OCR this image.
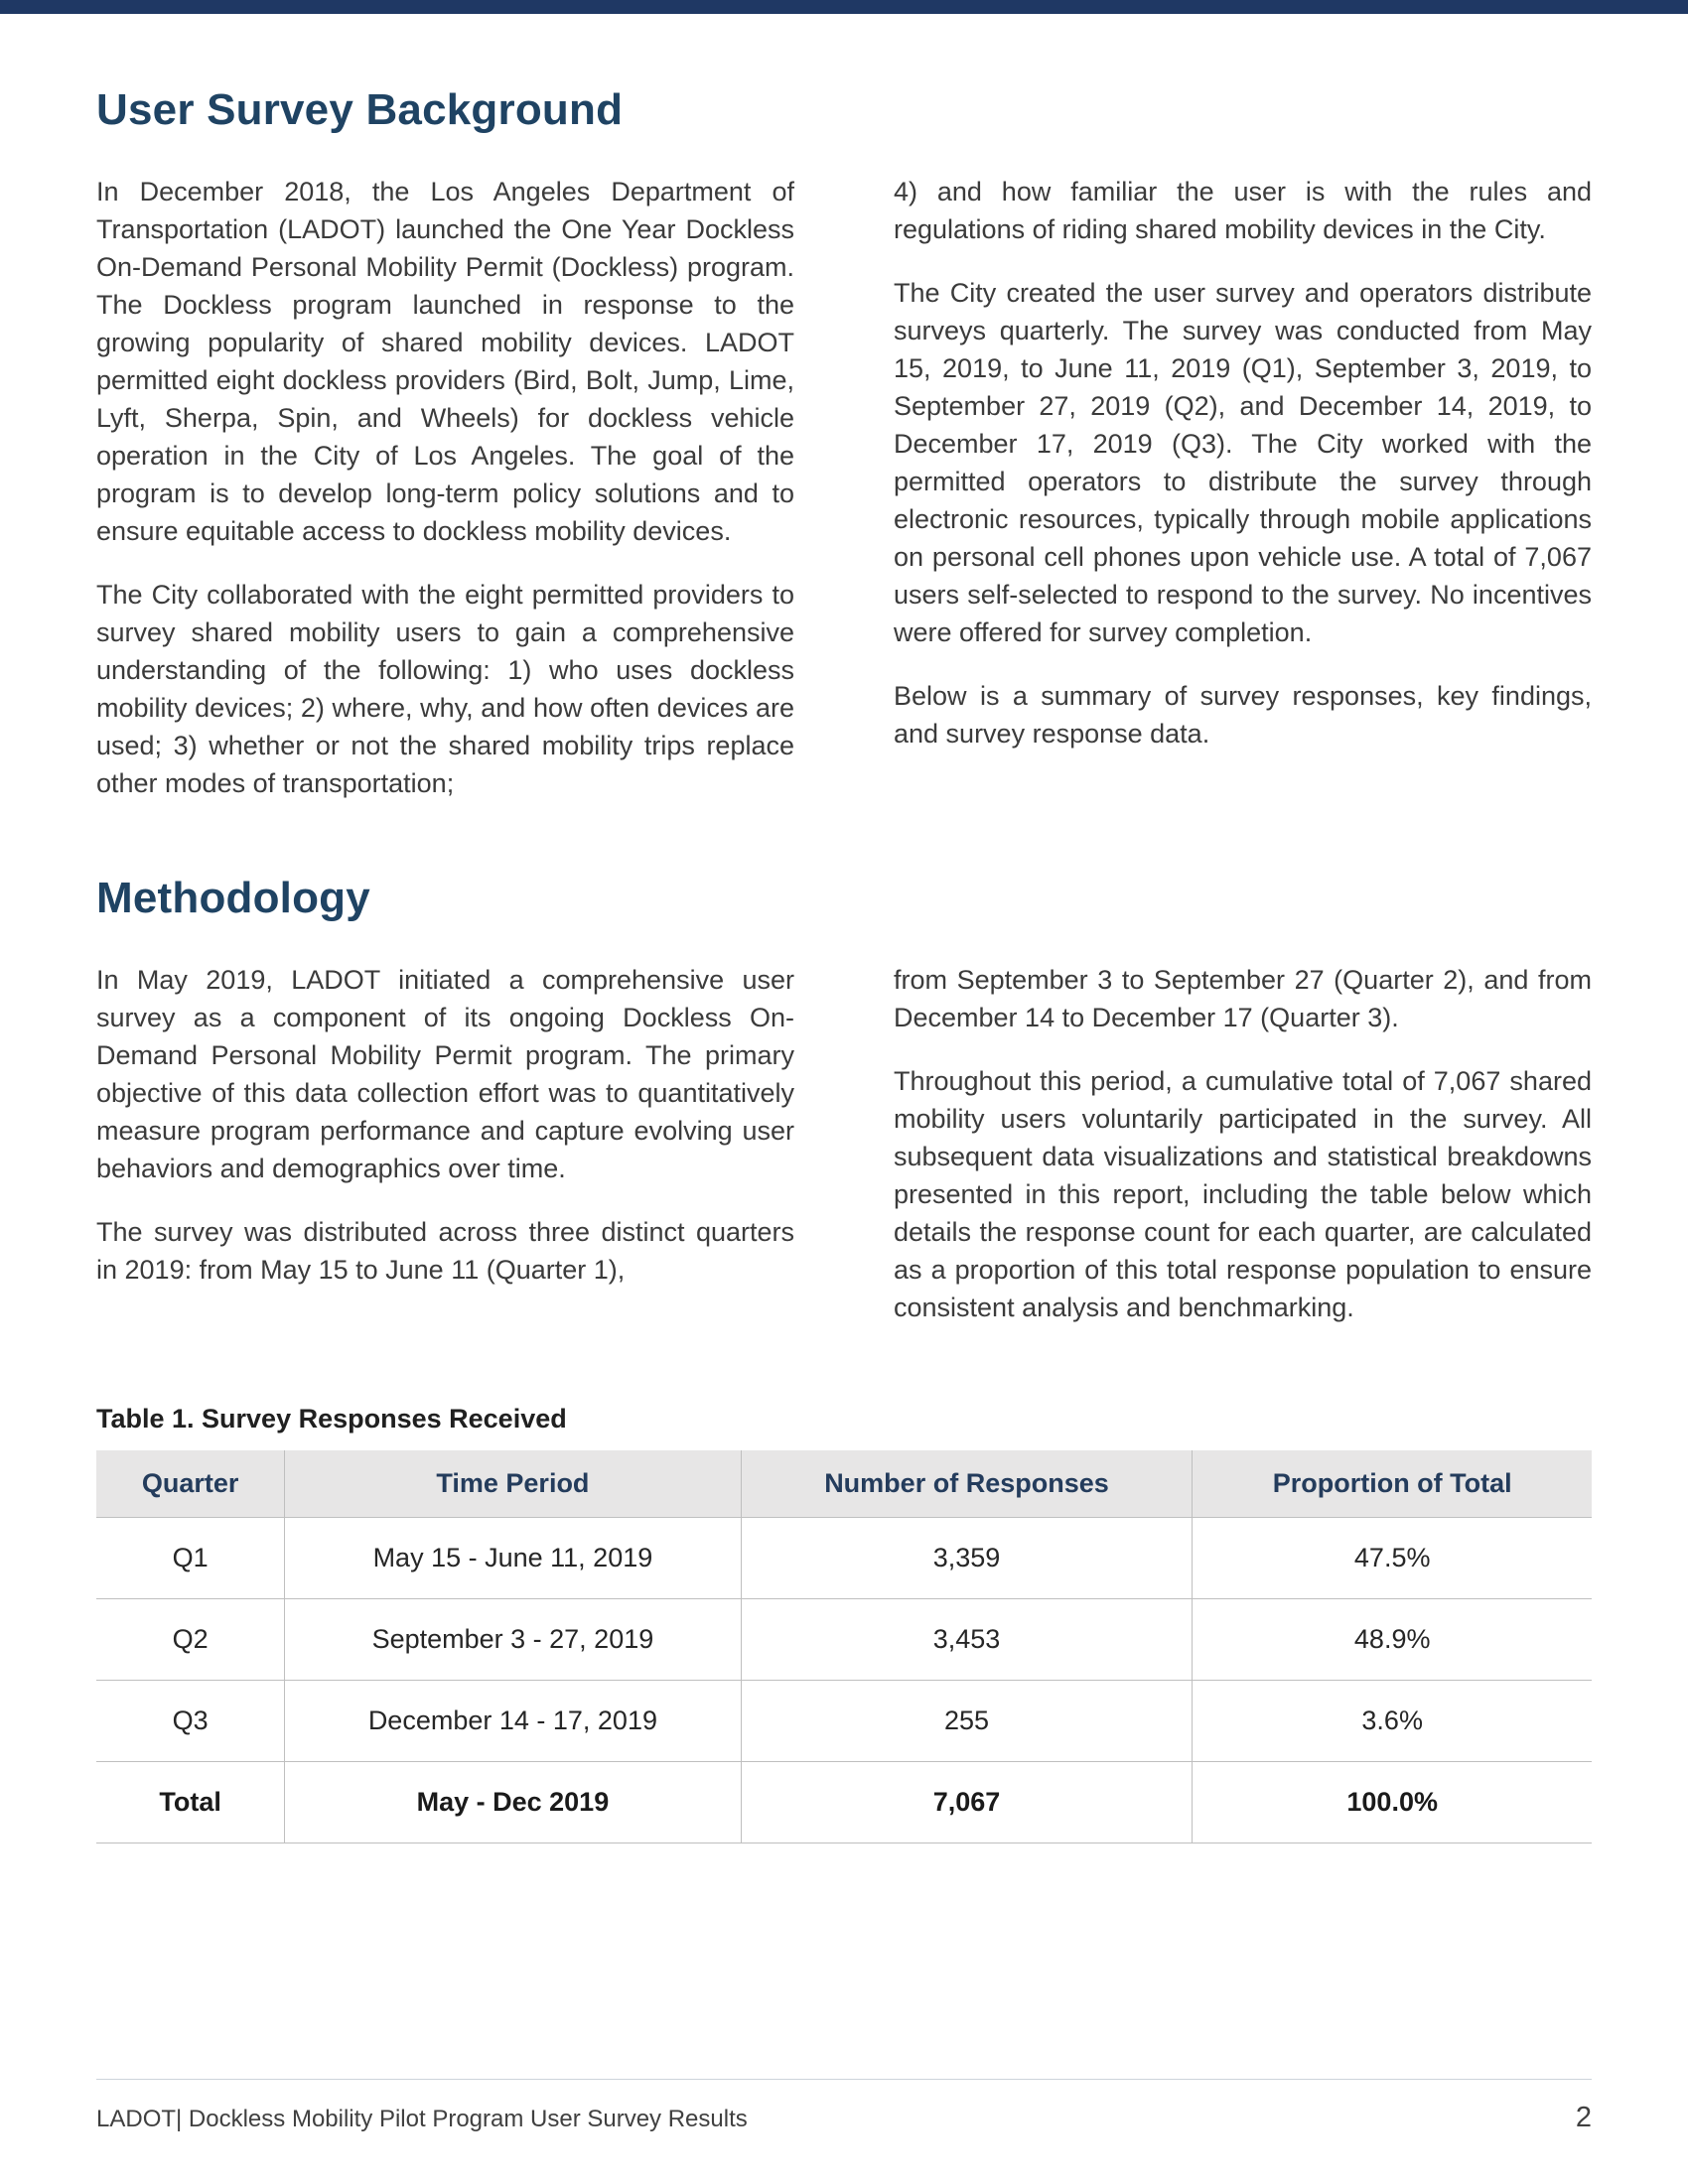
User Survey Background

In December 2018, the Los Angeles Department of Transportation (LADOT) launched the One Year Dockless On-Demand Personal Mobility Permit (Dockless) program. The Dockless program launched in response to the growing popularity of shared mobility devices. LADOT permitted eight dockless providers (Bird, Bolt, Jump, Lime, Lyft, Sherpa, Spin, and Wheels) for dockless vehicle operation in the City of Los Angeles. The goal of the program is to develop long-term policy solutions and to ensure equitable access to dockless mobility devices.

The City collaborated with the eight permitted providers to survey shared mobility users to gain a comprehensive understanding of the following: 1) who uses dockless mobility devices; 2) where, why, and how often devices are used; 3) whether or not the shared mobility trips replace other modes of transportation;

4) and how familiar the user is with the rules and regulations of riding shared mobility devices in the City.

The City created the user survey and operators distribute surveys quarterly. The survey was conducted from May 15, 2019, to June 11, 2019 (Q1), September 3, 2019, to September 27, 2019 (Q2), and December 14, 2019, to December 17, 2019 (Q3). The City worked with the permitted operators to distribute the survey through electronic resources, typically through mobile applications on personal cell phones upon vehicle use. A total of 7,067 users self-selected to respond to the survey. No incentives were offered for survey completion.

Below is a summary of survey responses, key findings, and survey response data.

Methodology

In May 2019, LADOT initiated a comprehensive user survey as a component of its ongoing Dockless On-Demand Personal Mobility Permit program. The primary objective of this data collection effort was to quantitatively measure program performance and capture evolving user behaviors and demographics over time.

The survey was distributed across three distinct quarters in 2019: from May 15 to June 11 (Quarter 1),

from September 3 to September 27 (Quarter 2), and from December 14 to December 17 (Quarter 3).

Throughout this period, a cumulative total of 7,067 shared mobility users voluntarily participated in the survey. All subsequent data visualizations and statistical breakdowns presented in this report, including the table below which details the response count for each quarter, are calculated as a proportion of this total response population to ensure consistent analysis and benchmarking.

Table 1. Survey Responses Received
Quarter	Time Period	Number of Responses	Proportion of Total
Q1	May 15 - June 11, 2019	3,359	47.5%
Q2	September 3 - 27, 2019	3,453	48.9%
Q3	December 14 - 17, 2019	255	3.6%
Total	May - Dec 2019	7,067	100.0%
LADOT| Dockless Mobility Pilot Program User Survey Results	2
